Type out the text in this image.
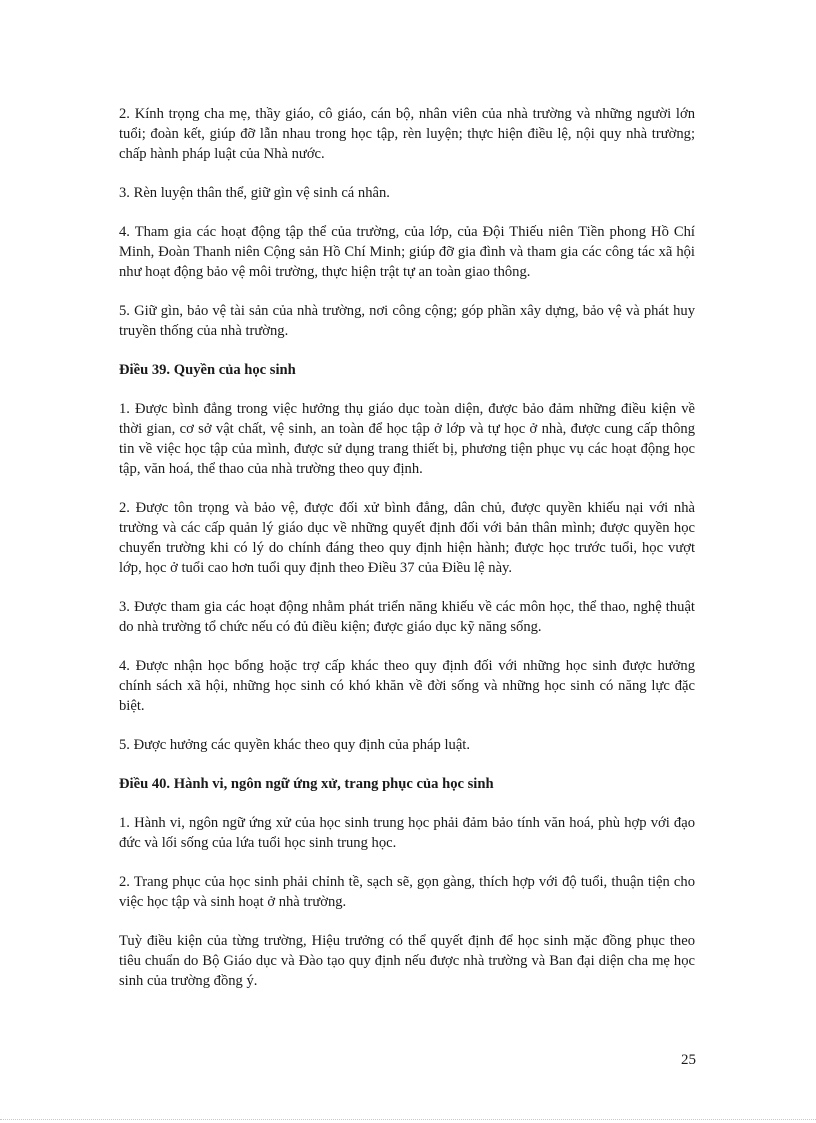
2. Kính trọng cha mẹ, thầy giáo, cô giáo, cán bộ, nhân viên của nhà trường và những người lớn tuổi; đoàn kết, giúp đỡ lẫn nhau trong học tập, rèn luyện; thực hiện điều lệ, nội quy nhà trường; chấp hành pháp luật của Nhà nước.

3. Rèn luyện thân thể, giữ gìn vệ sinh cá nhân.

4. Tham gia các hoạt động tập thể của trường, của lớp, của Đội Thiếu niên Tiền phong Hồ Chí Minh, Đoàn Thanh niên Cộng sản Hồ Chí Minh; giúp đỡ gia đình và tham gia các công tác xã hội như hoạt động bảo vệ môi trường, thực hiện trật tự an toàn giao thông.

5. Giữ gìn, bảo vệ tài sản của nhà trường, nơi công cộng; góp phần xây dựng, bảo vệ và phát huy truyền thống của nhà trường.

Điều 39. Quyền của học sinh

1. Được bình đẳng trong việc hưởng thụ giáo dục toàn diện, được bảo đảm những điều kiện về thời gian, cơ sở vật chất, vệ sinh, an toàn để học tập ở lớp và tự học ở nhà, được cung cấp thông tin về việc học tập của mình, được sử dụng trang thiết bị, phương tiện phục vụ các hoạt động học tập, văn hoá, thể thao của nhà trường theo quy định.

2. Được tôn trọng và bảo vệ, được đối xử bình đẳng, dân chủ, được quyền khiếu nại với nhà trường và các cấp quản lý giáo dục về những quyết định đối với bản thân mình; được quyền học chuyển trường khi có lý do chính đáng theo quy định hiện hành; được học trước tuổi, học vượt lớp, học ở tuổi cao hơn tuổi quy định theo Điều 37 của Điều lệ này.

3. Được tham gia các hoạt động nhằm phát triển năng khiếu về các môn học, thể thao, nghệ thuật do nhà trường tổ chức nếu có đủ điều kiện; được giáo dục kỹ năng sống.

4. Được nhận học bổng hoặc trợ cấp khác theo quy định đối với những học sinh được hưởng chính sách xã hội, những học sinh có khó khăn về đời sống và những học sinh có năng lực đặc biệt.

5. Được hưởng các quyền khác theo quy định của pháp luật.

Điều 40. Hành vi, ngôn ngữ ứng xử, trang phục của học sinh

1. Hành vi, ngôn ngữ ứng xử của học sinh trung học phải đảm bảo tính văn hoá, phù hợp với đạo đức và lối sống của lứa tuổi học sinh trung học.

2. Trang phục của học sinh phải chỉnh tề, sạch sẽ, gọn gàng, thích hợp với độ tuổi, thuận tiện cho việc học tập và sinh hoạt ở nhà trường.

Tuỳ điều kiện của từng trường, Hiệu trưởng có thể quyết định để học sinh mặc đồng phục theo tiêu chuẩn do Bộ Giáo dục và Đào tạo quy định nếu được nhà trường và Ban đại diện cha mẹ học sinh của trường đồng ý.

25
